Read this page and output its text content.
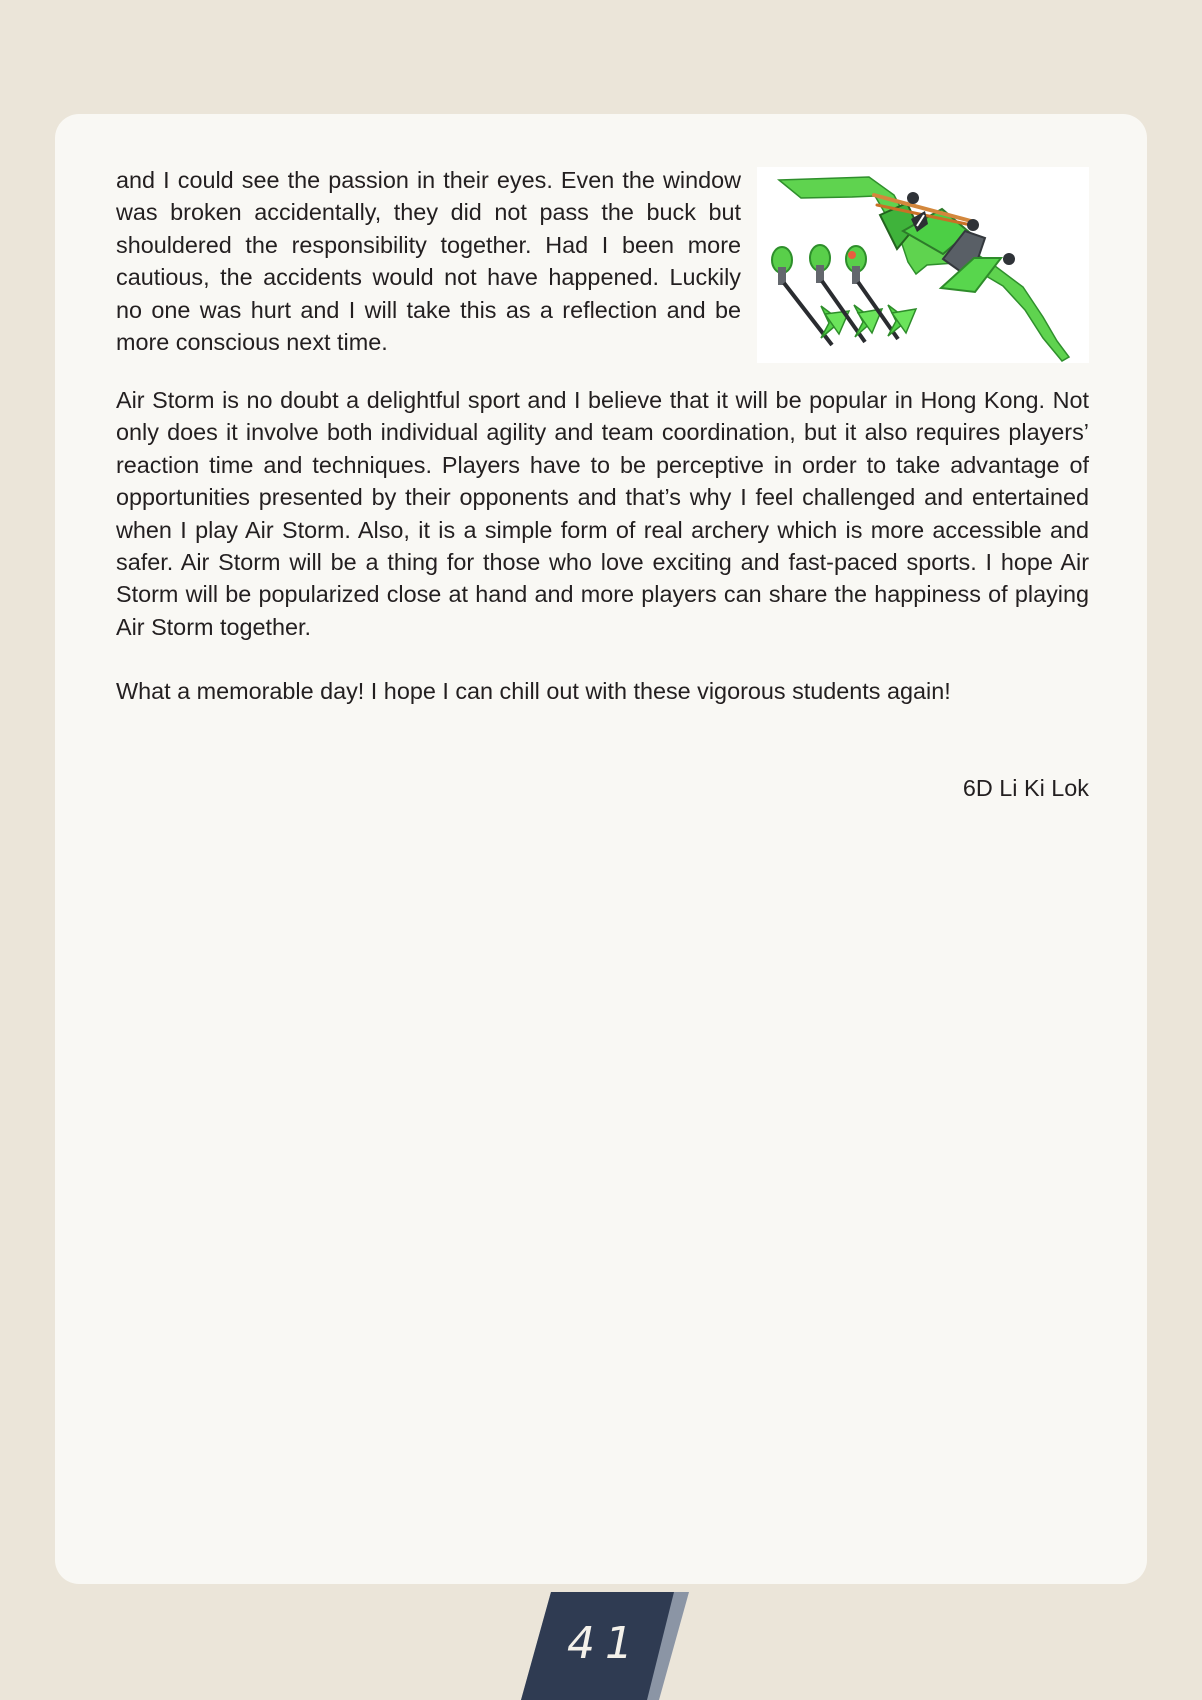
and I could see the passion in their eyes. Even the window was broken accidentally, they did not pass the buck but shouldered the responsibility together. Had I been more cautious, the accidents would not have happened. Luckily no one was hurt and I will take this as a reflection and be more conscious next time.

Air Storm is no doubt a delightful sport and I believe that it will be popular in Hong Kong. Not only does it involve both individual agility and team coordination, but it also requires players’ reaction time and techniques. Players have to be perceptive in order to take advantage of opportunities presented by their opponents and that’s why I feel challenged and entertained when I play Air Storm. Also, it is a simple form of real archery which is more accessible and safer. Air Storm will be a thing for those who love exciting and fast-paced sports. I hope Air Storm will be popularized close at hand and more players can share the happiness of playing Air Storm together.

What a memorable day! I hope I can chill out with these vigorous students again!

6D Li Ki Lok

41
